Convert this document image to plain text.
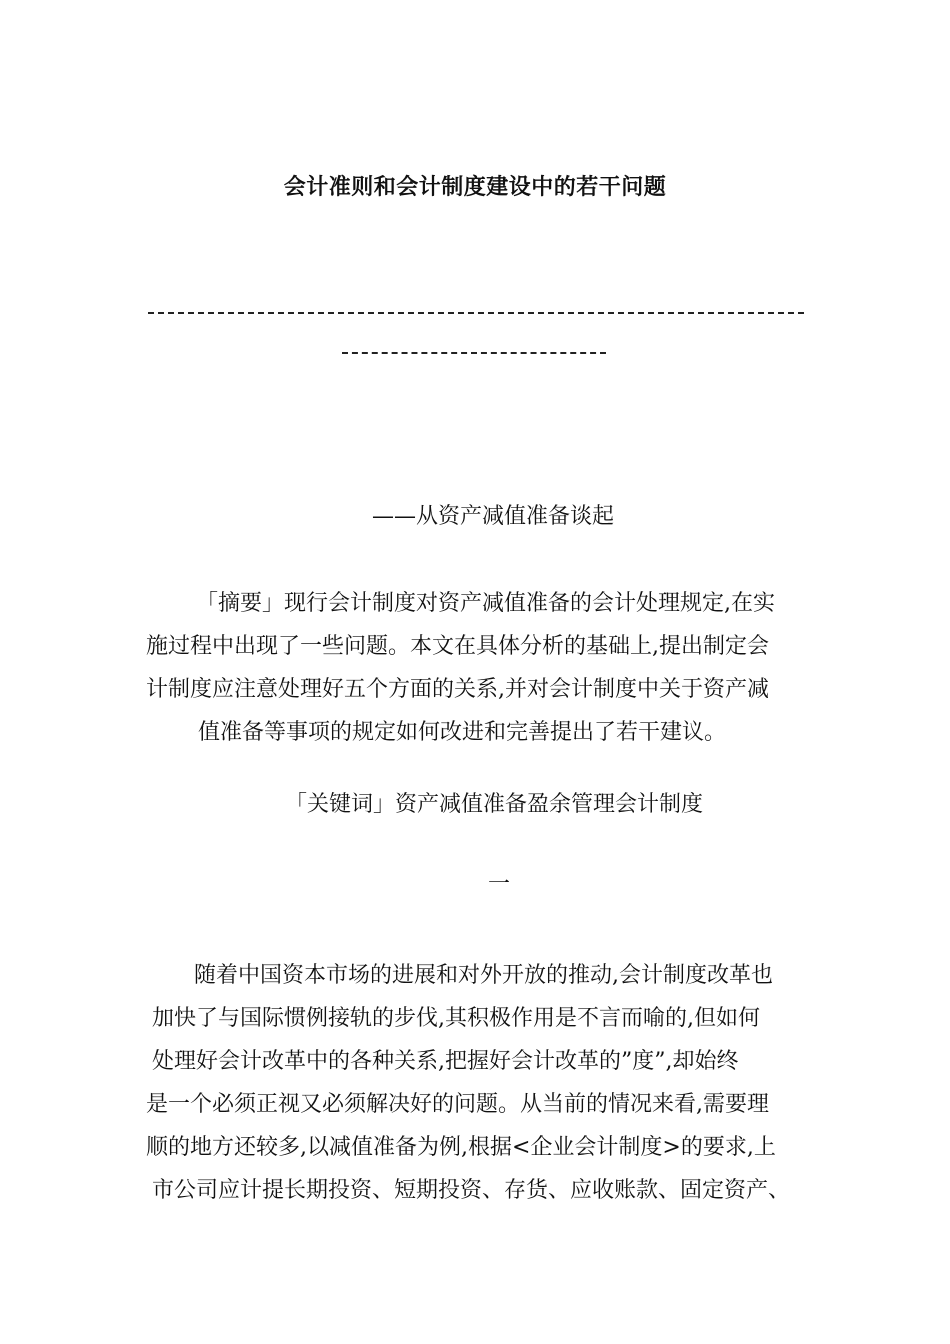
会计准则和会计制度建设中的若干问题
——从资产减值准备谈起
「摘要」现行会计制度对资产减值准备的会计处理规定,在实
施过程中出现了一些问题。本文在具体分析的基础上,提出制定会
计制度应注意处理好五个方面的关系,并对会计制度中关于资产减
值准备等事项的规定如何改进和完善提出了若干建议。
「关键词」资产减值准备盈余管理会计制度
一
随着中国资本市场的进展和对外开放的推动,会计制度改革也
加快了与国际惯例接轨的步伐,其积极作用是不言而喻的,但如何
处理好会计改革中的各种关系,把握好会计改革的”度”,却始终
是一个必须正视又必须解决好的问题。从当前的情况来看,需要理
顺的地方还较多,以减值准备为例,根据<企业会计制度>的要求,上
市公司应计提长期投资、短期投资、存货、应收账款、固定资产、
